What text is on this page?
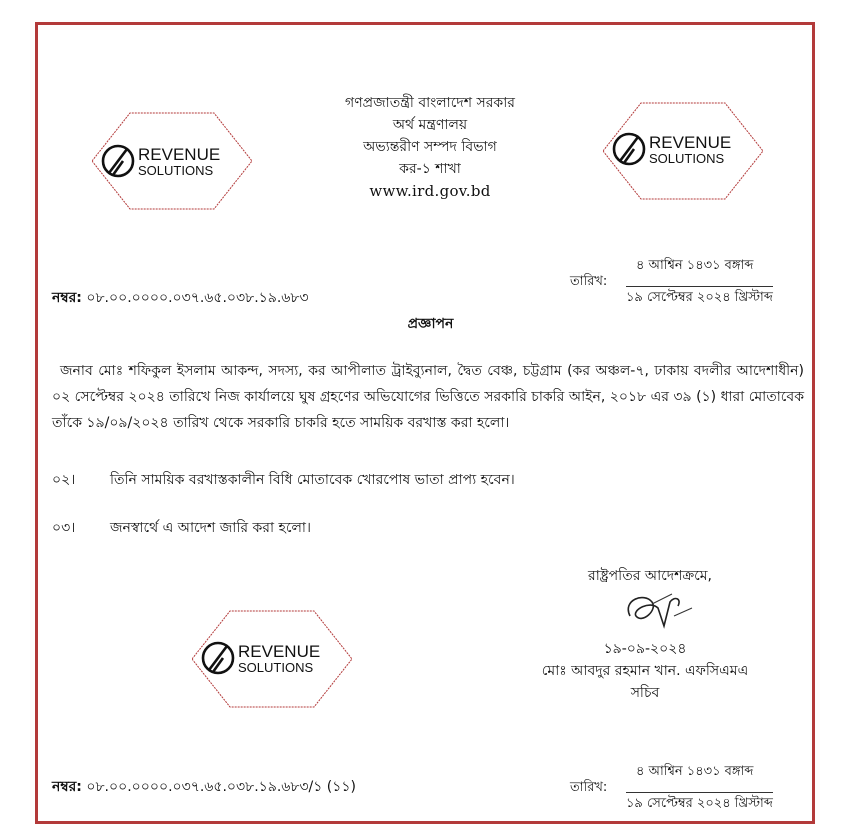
REVENUE
SOLUTIONS
REVENUE
SOLUTIONS
REVENUE
SOLUTIONS
গণপ্রজাতন্ত্রী বাংলাদেশ সরকার
অর্থ মন্ত্রণালয়
অভ্যন্তরীণ সম্পদ বিভাগ
কর-১ শাখা
www.ird.gov.bd
তারিখ:
৪ আশ্বিন ১৪৩১ বঙ্গাব্দ
১৯ সেপ্টেম্বর ২০২৪ খ্রিস্টাব্দ
নম্বর: ০৮.০০.০০০০.০৩৭.৬৫.০৩৮.১৯.৬৮৩
প্রজ্ঞাপন
জনাব মোঃ শফিকুল ইসলাম আকন্দ, সদস্য, কর আপীলাত ট্রাইব্যুনাল, দ্বৈত বেঞ্চ, চট্টগ্রাম (কর অঞ্চল-৭, ঢাকায় বদলীর আদেশাধীন) ০২ সেপ্টেম্বর ২০২৪ তারিখে নিজ কার্যালয়ে ঘুষ গ্রহণের অভিযোগের ভিত্তিতে সরকারি চাকরি আইন, ২০১৮ এর ৩৯ (১) ধারা মোতাবেক তাঁকে ১৯/০৯/২০২৪ তারিখ থেকে সরকারি চাকরি হতে সাময়িক বরখাস্ত করা হলো।
০২। তিনি সাময়িক বরখাস্তকালীন বিধি মোতাবেক খোরপোষ ভাতা প্রাপ্য হবেন।
০৩। জনস্বার্থে এ আদেশ জারি করা হলো।
রাষ্ট্রপতির আদেশক্রমে,
১৯-০৯-২০২৪
মোঃ আবদুর রহমান খান. এফসিএমএ
সচিব
তারিখ:
৪ আশ্বিন ১৪৩১ বঙ্গাব্দ
১৯ সেপ্টেম্বর ২০২৪ খ্রিস্টাব্দ
নম্বর: ০৮.০০.০০০০.০৩৭.৬৫.০৩৮.১৯.৬৮৩/১ (১১)
